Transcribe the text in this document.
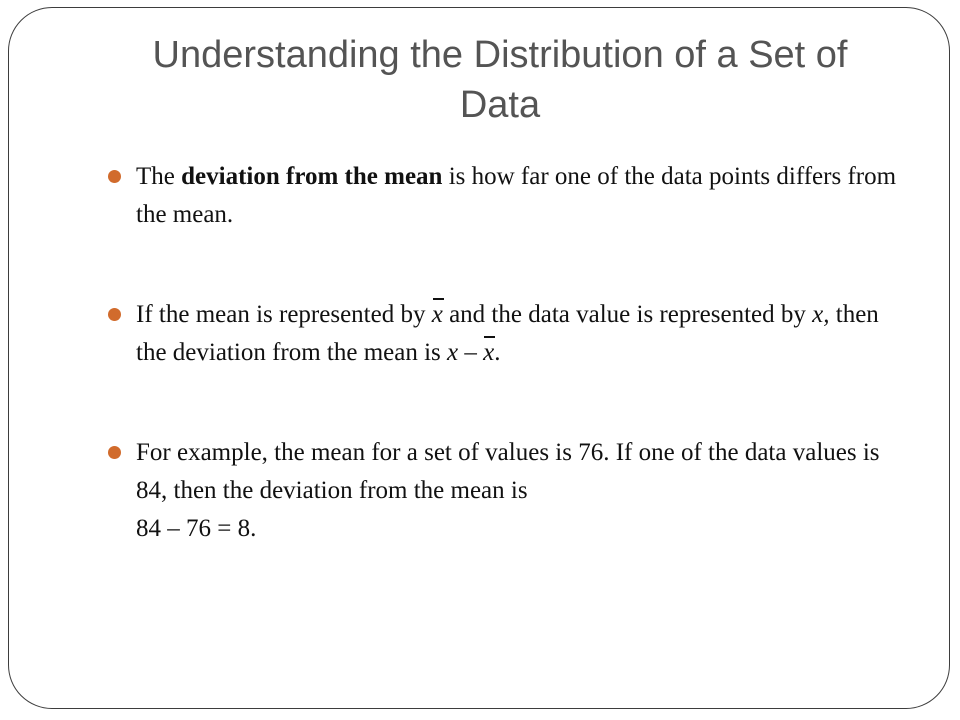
Understanding the Distribution of a Set of Data
The deviation from the mean is how far one of the data points differs from the mean.
If the mean is represented by x and the data value is represented by x, then the deviation from the mean is x – x.
For example, the mean for a set of values is 76. If one of the data values is 84, then the deviation from the mean is
84 – 76 = 8.
